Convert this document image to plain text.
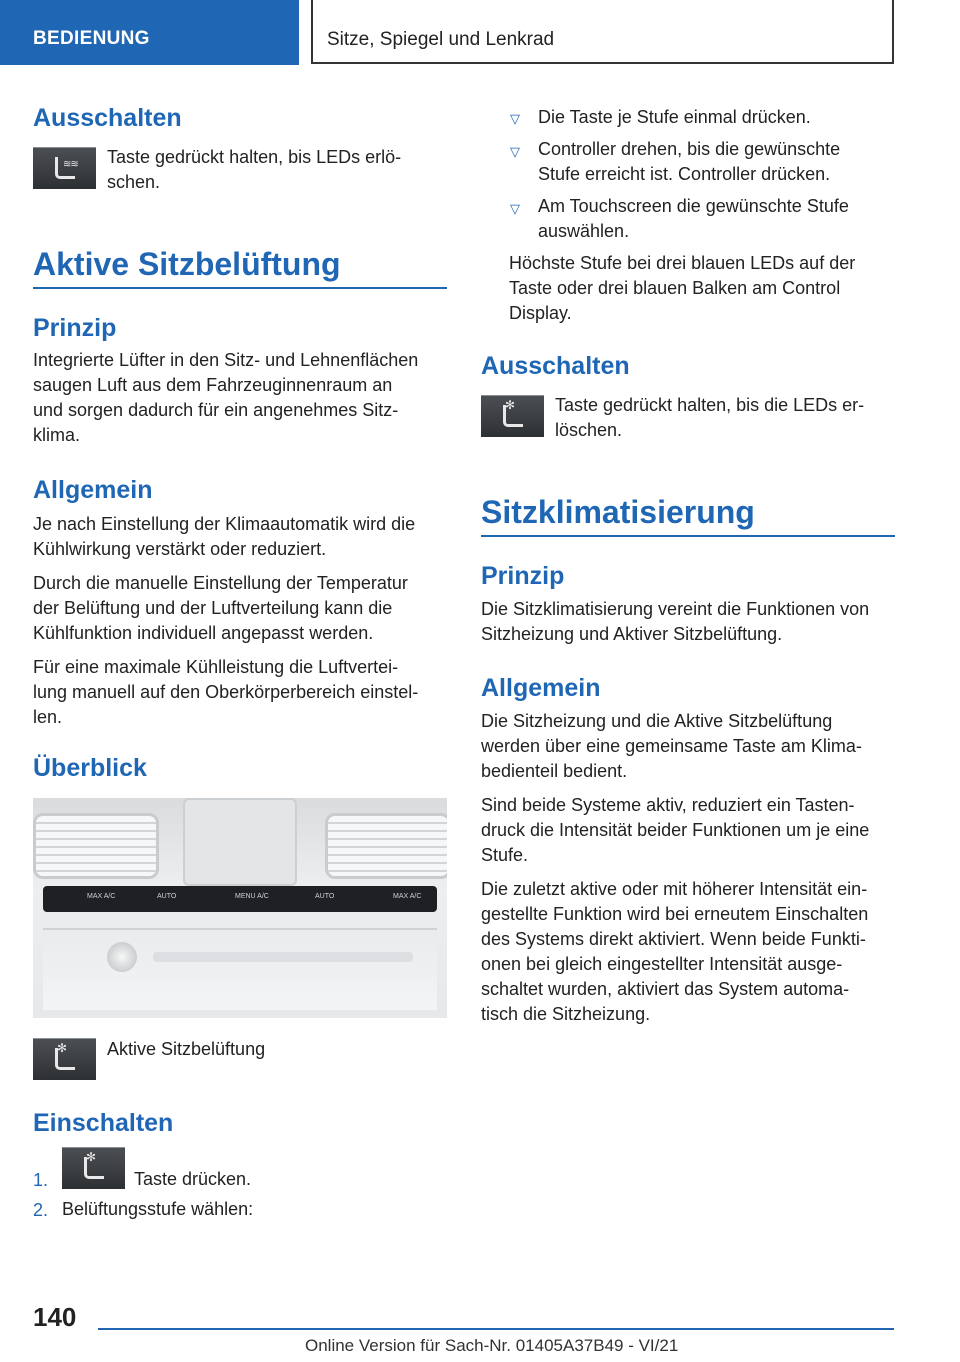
BEDIENUNG	Sitze, Spiegel und Lenkrad
Ausschalten
≋≋ Taste gedrückt halten, bis LEDs erlö-

schen.

Aktive Sitzbelüftung
Prinzip

Integrierte Lüfter in den Sitz- und Lehnenflächen

saugen Luft aus dem Fahrzeuginnenraum an

und sorgen dadurch für ein angenehmes Sitz-

klima.

Allgemein

Je nach Einstellung der Klimaautomatik wird die

Kühlwirkung verstärkt oder reduziert.

Durch die manuelle Einstellung der Temperatur

der Belüftung und der Luftverteilung kann die

Kühlfunktion individuell angepasst werden.

Für eine maximale Kühlleistung die Luftvertei-

lung manuell auf den Oberkörperbereich einstel-

len.

Überblick
MAX A/C	AUTO	MENU A/C	AUTO	MAX A/C
✻ Aktive Sitzbelüftung
Einschalten
1.
✻
Taste drücken.
2. Belüftungsstufe wählen:
▽ Die Taste je Stufe einmal drücken.
▽ Controller drehen, bis die gewünschte
Stufe erreicht ist. Controller drücken.
▽ Am Touchscreen die gewünschte Stufe
auswählen.

Höchste Stufe bei drei blauen LEDs auf der

Taste oder drei blauen Balken am Control

Display.

Ausschalten
✻ Taste gedrückt halten, bis die LEDs er-

löschen.

Sitzklimatisierung
Prinzip

Die Sitzklimatisierung vereint die Funktionen von

Sitzheizung und Aktiver Sitzbelüftung.

Allgemein

Die Sitzheizung und die Aktive Sitzbelüftung

werden über eine gemeinsame Taste am Klima-

bedienteil bedient.

Sind beide Systeme aktiv, reduziert ein Tasten-

druck die Intensität beider Funktionen um je eine

Stufe.

Die zuletzt aktive oder mit höherer Intensität ein-

gestellte Funktion wird bei erneutem Einschalten

des Systems direkt aktiviert. Wenn beide Funkti-

onen bei gleich eingestellter Intensität ausge-

schaltet wurden, aktiviert das System automa-

tisch die Sitzheizung.

140
Online Version für Sach-Nr. 01405A37B49 - VI/21
